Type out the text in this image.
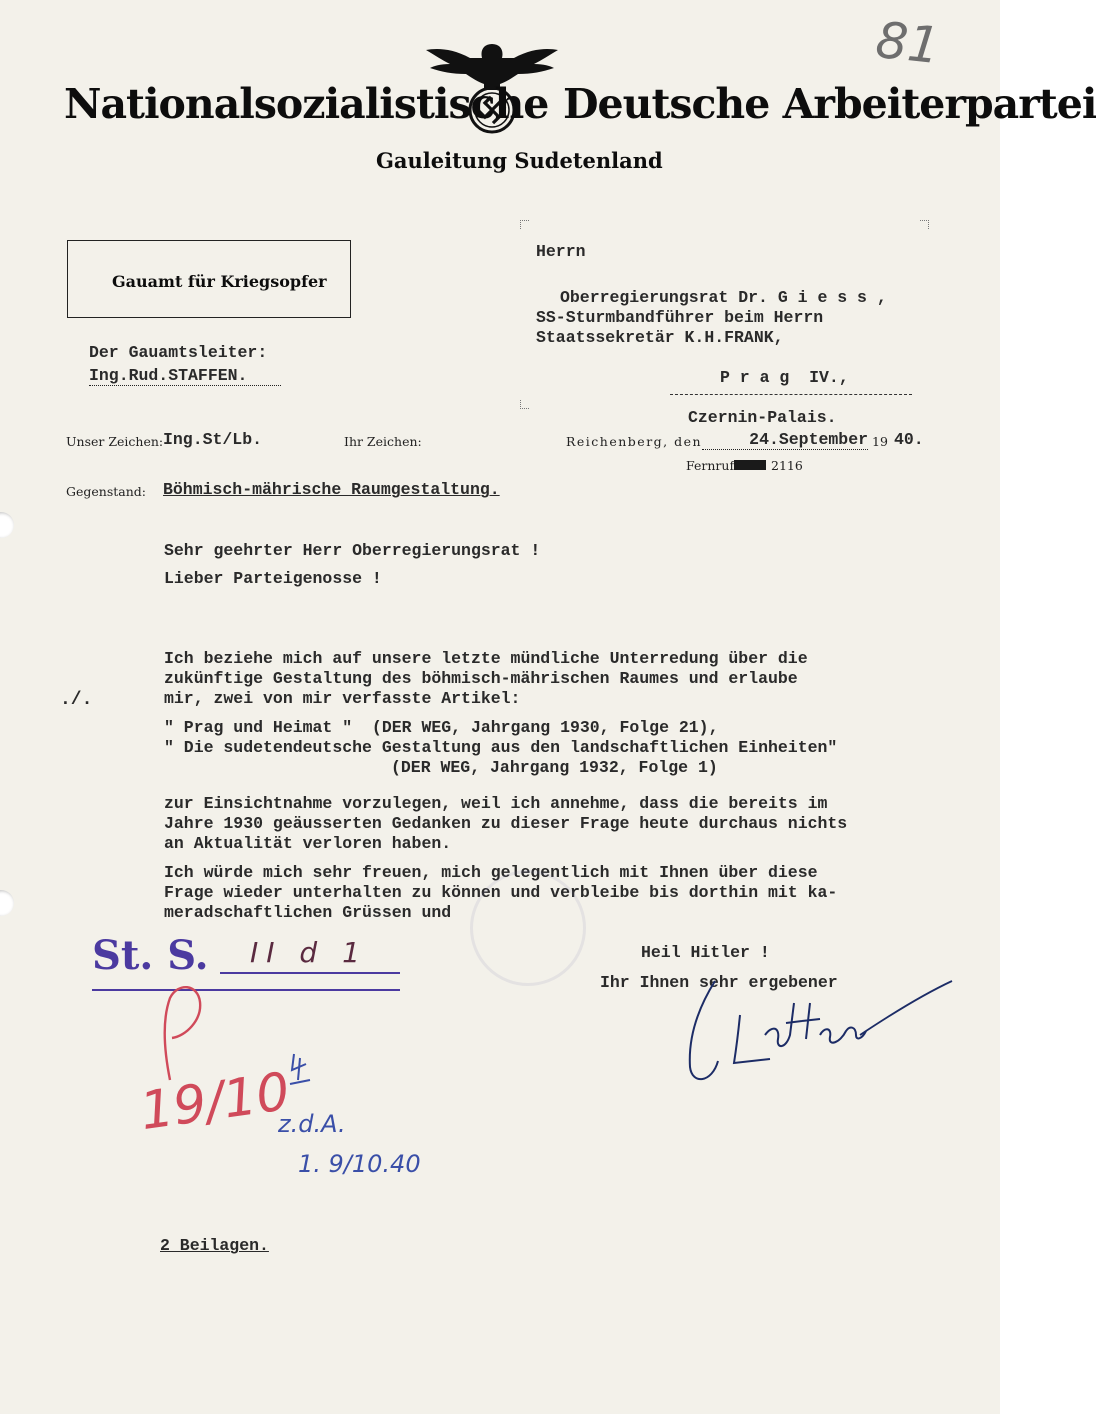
81
Nationalsozialistische Deutsche Arbeiterpartei
Gauleitung Sudetenland
Gauamt für Kriegsopfer
Der Gauamtsleiter:
Ing.Rud.STAFFEN.
Herrn
Oberregierungsrat Dr. G i e s s ,
SS-Sturmbandführer beim Herrn
Staatssekretär K.H.FRANK,
P r a g  IV.,
Czernin-Palais.
Unser Zeichen: Ing.St/Lb.	Ihr Zeichen:	Reichenberg, den	24.September 19 40.
Fernruf	2116
Gegenstand: Böhmisch-mährische Raumgestaltung.
Sehr geehrter Herr Oberregierungsrat !
Lieber Parteigenosse !
./.
Ich beziehe mich auf unsere letzte mündliche Unterredung über die
zukünftige Gestaltung des böhmisch-mährischen Raumes und erlaube
mir, zwei von mir verfasste Artikel:
" Prag und Heimat "  (DER WEG, Jahrgang 1930, Folge 21),
" Die sudetendeutsche Gestaltung aus den landschaftlichen Einheiten"
(DER WEG, Jahrgang 1932, Folge 1)
zur Einsichtnahme vorzulegen, weil ich annehme, dass die bereits im
Jahre 1930 geäusserten Gedanken zu dieser Frage heute durchaus nichts
an Aktualität verloren haben.
Ich würde mich sehr freuen, mich gelegentlich mit Ihnen über diese
Frage wieder unterhalten zu können und verbleibe bis dorthin mit ka-
meradschaftlichen Grüssen und
Heil Hitler !
Ihr Ihnen sehr ergebener
St. S. II d 1
19/10
z.d.A.
1. 9/10.40
2 Beilagen.
